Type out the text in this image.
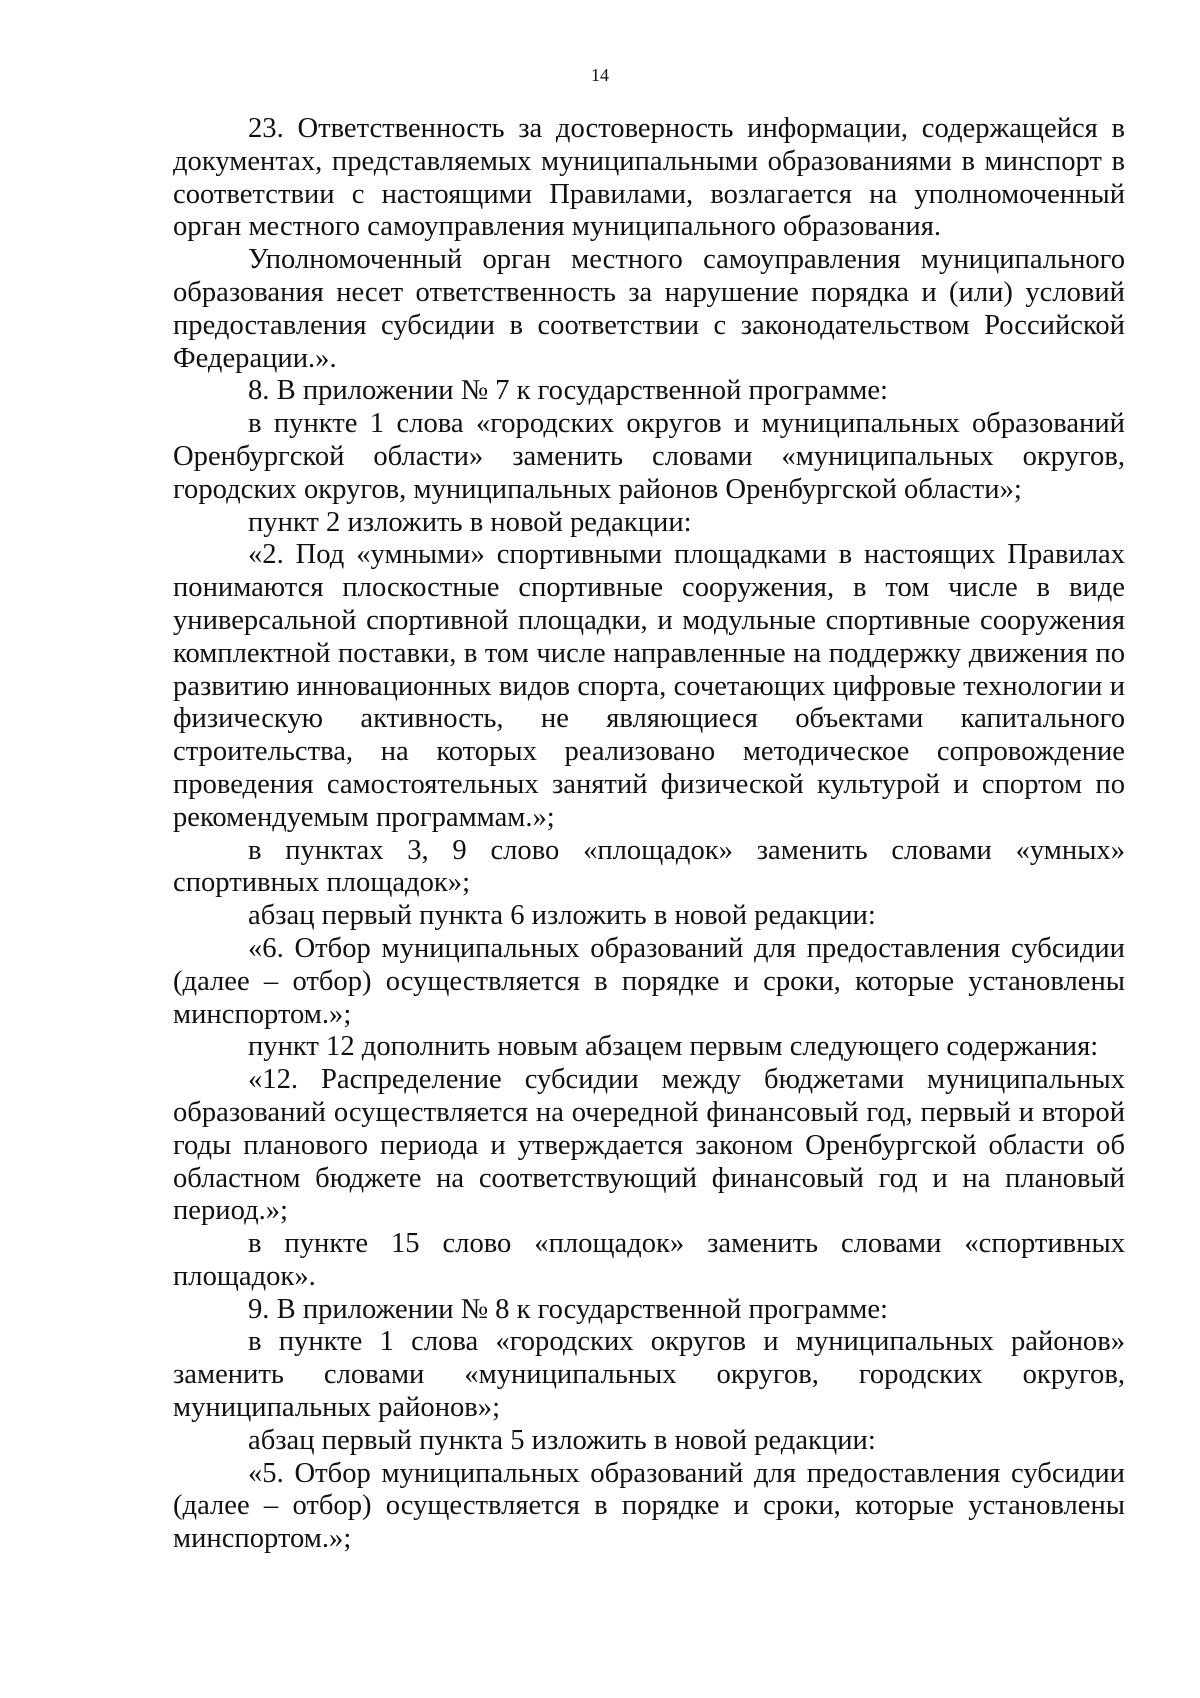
14

23. Ответственность за достоверность информации, содержащейся в документах, представляемых муниципальными образованиями в минспорт в соответствии с настоящими Правилами, возлагается на уполномоченный орган местного самоуправления муниципального образования.

Уполномоченный орган местного самоуправления муниципального образования несет ответственность за нарушение порядка и (или) условий предоставления субсидии в соответствии с законодательством Российской Федерации.».

8. В приложении № 7 к государственной программе:

в пункте 1 слова «городских округов и муниципальных образований Оренбургской области» заменить словами «муниципальных округов, городских округов, муниципальных районов Оренбургской области»;

пункт 2 изложить в новой редакции:

«2. Под «умными» спортивными площадками в настоящих Правилах понимаются плоскостные спортивные сооружения, в том числе в виде универсальной спортивной площадки, и модульные спортивные сооружения комплектной поставки, в том числе направленные на поддержку движения по развитию инновационных видов спорта, сочетающих цифровые технологии и физическую активность, не являющиеся объектами капитального строительства, на которых реализовано методическое сопровождение проведения самостоятельных занятий физической культурой и спортом по рекомендуемым программам.»;

в пунктах 3, 9 слово «площадок» заменить словами «умных» спортивных площадок»;

абзац первый пункта 6 изложить в новой редакции:

«6. Отбор муниципальных образований для предоставления субсидии (далее – отбор) осуществляется в порядке и сроки, которые установлены минспортом.»;

пункт 12 дополнить новым абзацем первым следующего содержания:

«12. Распределение субсидии между бюджетами муниципальных образований осуществляется на очередной финансовый год, первый и второй годы планового периода и утверждается законом Оренбургской области об областном бюджете на соответствующий финансовый год и на плановый период.»;

в пункте 15 слово «площадок» заменить словами «спортивных площадок».

9. В приложении № 8 к государственной программе:

в пункте 1 слова «городских округов и муниципальных районов» заменить словами «муниципальных округов, городских округов, муниципальных районов»;

абзац первый пункта 5 изложить в новой редакции:

«5. Отбор муниципальных образований для предоставления субсидии (далее – отбор) осуществляется в порядке и сроки, которые установлены минспортом.»;
